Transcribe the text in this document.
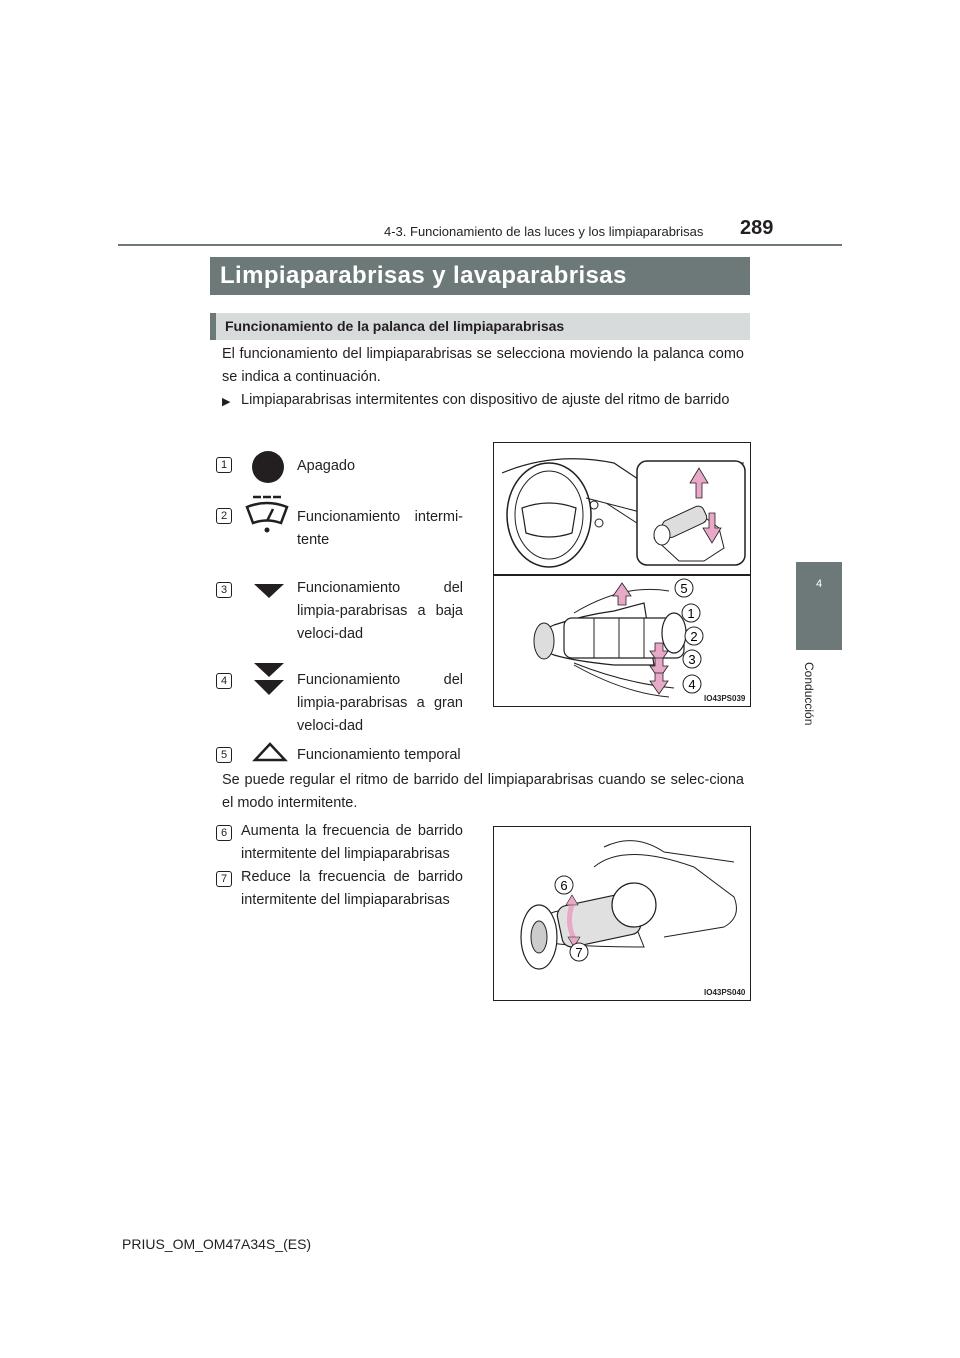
4-3. Funcionamiento de las luces y los limpiaparabrisas 289
4
Conducción
Limpiaparabrisas y lavaparabrisas
Funcionamiento de la palanca del limpiaparabrisas
El funcionamiento del limpiaparabrisas se selecciona moviendo la palanca como se indica a continuación.
▶ Limpiaparabrisas intermitentes con dispositivo de ajuste del ritmo de barrido
1	Apagado
2	Funcionamiento intermi-tente
3	Funcionamiento del limpia-parabrisas a baja veloci-dad
4	Funcionamiento del limpia-parabrisas a gran veloci-dad
5	Funcionamiento temporal
5
1
2
3
4
IO43PS039
Se puede regular el ritmo de barrido del limpiaparabrisas cuando se selec-ciona el modo intermitente.
6 Aumenta la frecuencia de barrido intermitente del limpiaparabrisas
7 Reduce la frecuencia de barrido intermitente del limpiaparabrisas
6
7
IO43PS040
PRIUS_OM_OM47A34S_(ES)
